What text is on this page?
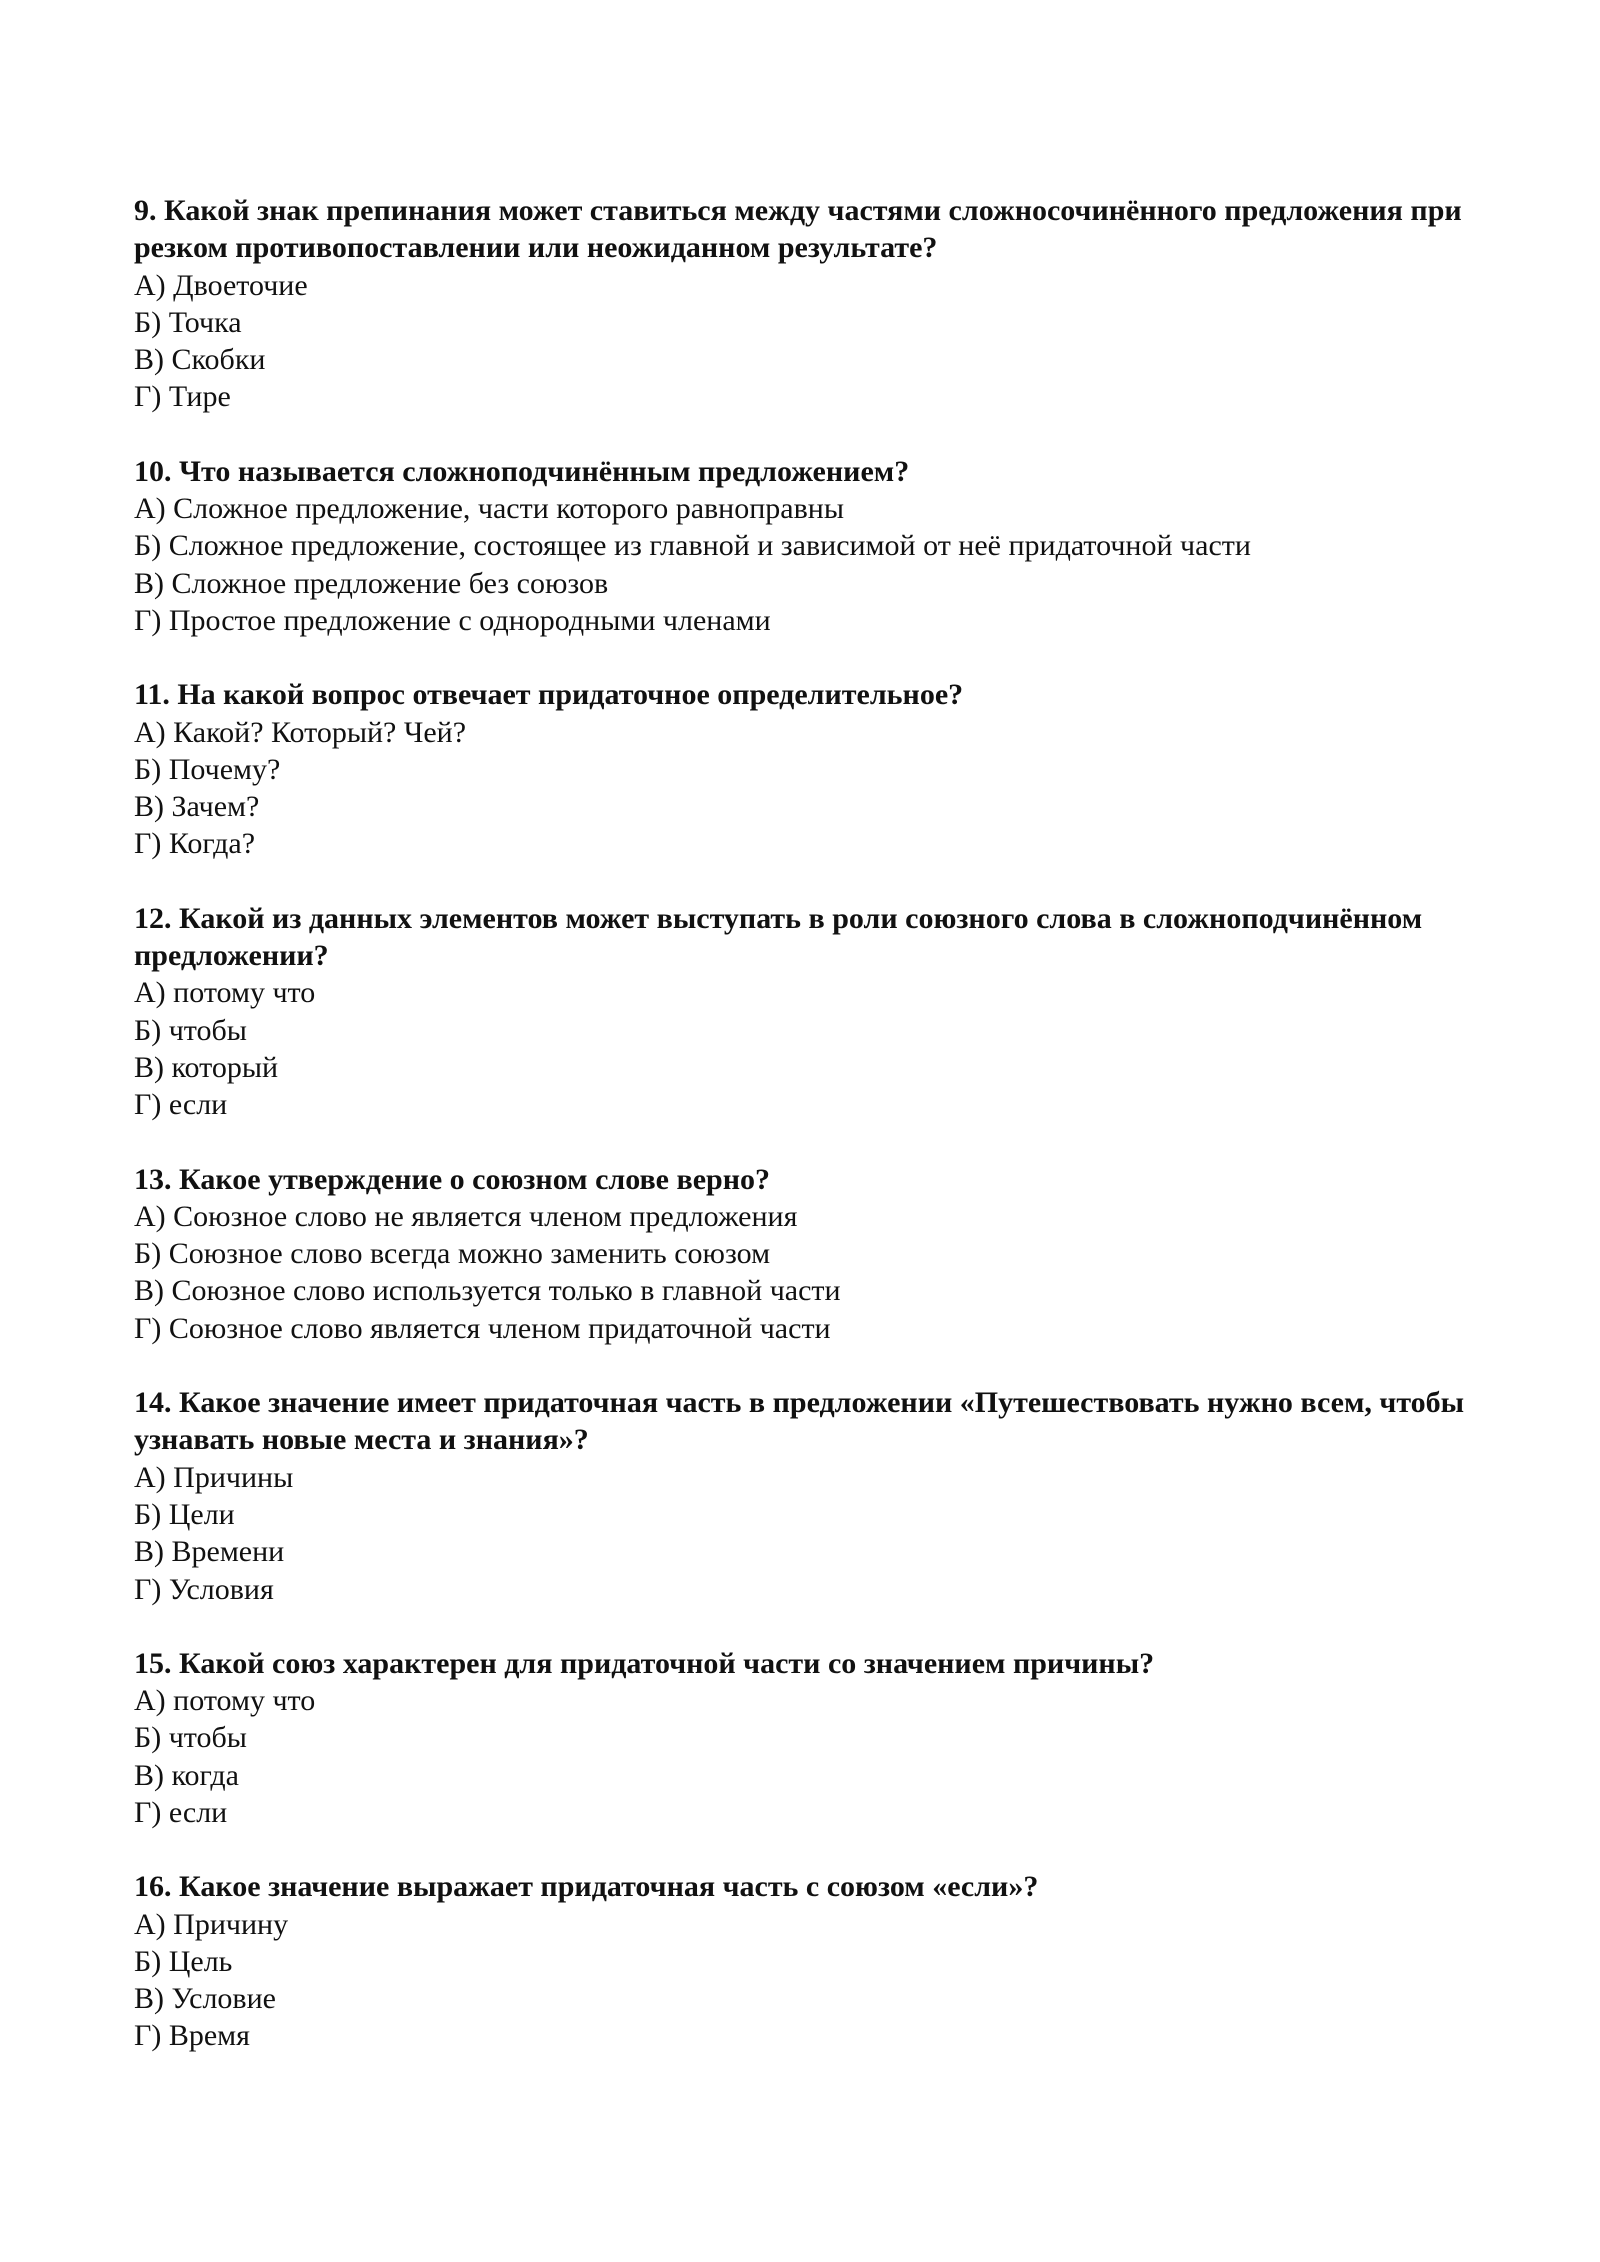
9. Какой знак препинания может ставиться между частями сложносочинённого предложения при резком противопоставлении или неожиданном результате?

А) Двоеточие
Б) Точка
В) Скобки
Г) Тире

10. Что называется сложноподчинённым предложением?

А) Сложное предложение, части которого равноправны
Б) Сложное предложение, состоящее из главной и зависимой от неё придаточной части
В) Сложное предложение без союзов
Г) Простое предложение с однородными членами

11. На какой вопрос отвечает придаточное определительное?

А) Какой? Который? Чей?
Б) Почему?
В) Зачем?
Г) Когда?

12. Какой из данных элементов может выступать в роли союзного слова в сложноподчинённом предложении?

А) потому что
Б) чтобы
В) который
Г) если

13. Какое утверждение о союзном слове верно?

А) Союзное слово не является членом предложения
Б) Союзное слово всегда можно заменить союзом
В) Союзное слово используется только в главной части
Г) Союзное слово является членом придаточной части

14. Какое значение имеет придаточная часть в предложении «Путешествовать нужно всем, чтобы узнавать новые места и знания»?

А) Причины
Б) Цели
В) Времени
Г) Условия

15. Какой союз характерен для придаточной части со значением причины?

А) потому что
Б) чтобы
В) когда
Г) если

16. Какое значение выражает придаточная часть с союзом «если»?

А) Причину
Б) Цель
В) Условие
Г) Время
